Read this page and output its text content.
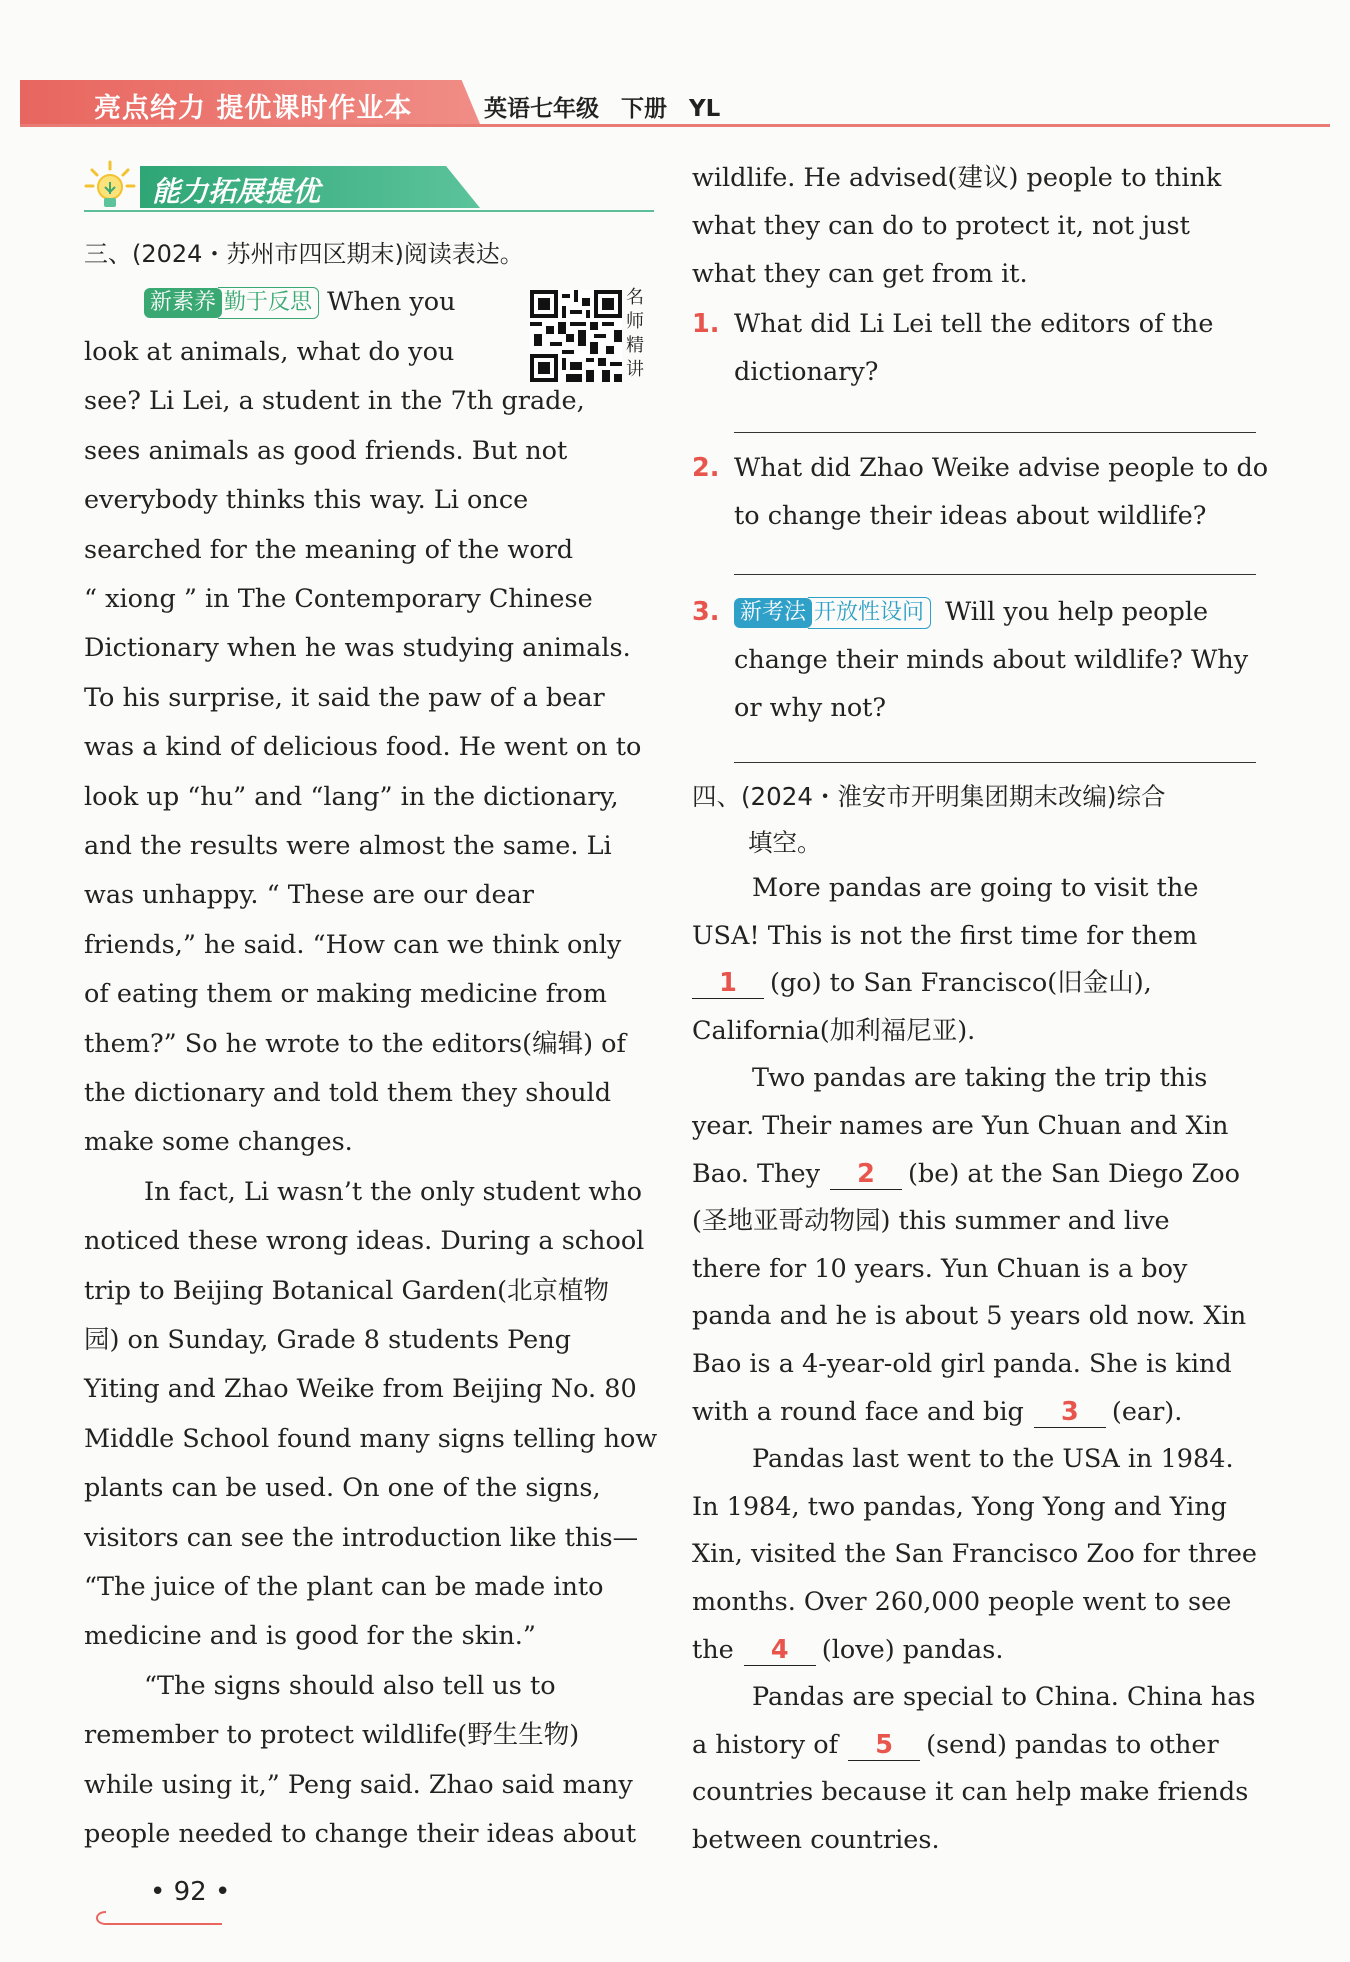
亮点给力 提优课时作业本	英语七年级 下册 YL
能力拓展提优
三、(2024・苏州市四区期末)阅读表达。
新素养 勤于反思 When you	名师精讲
look at animals, what do you
see? Li Lei, a student in the 7th grade,
sees animals as good friends. But not
everybody thinks this way. Li once
searched for the meaning of the word
“ xiong ” in The Contemporary Chinese
Dictionary when he was studying animals.
To his surprise, it said the paw of a bear
was a kind of delicious food. He went on to
look up “hu” and “lang” in the dictionary,
and the results were almost the same. Li
was unhappy. “ These are our dear
friends,” he said. “How can we think only
of eating them or making medicine from
them?” So he wrote to the editors(编辑) of
the dictionary and told them they should
make some changes.
In fact, Li wasn’t the only student who
noticed these wrong ideas. During a school
trip to Beijing Botanical Garden(北京植物
园) on Sunday, Grade 8 students Peng
Yiting and Zhao Weike from Beijing No. 80
Middle School found many signs telling how
plants can be used. On one of the signs,
visitors can see the introduction like this—
“The juice of the plant can be made into
medicine and is good for the skin.”
“The signs should also tell us to
remember to protect wildlife(野生生物)
while using it,” Peng said. Zhao said many
people needed to change their ideas about
wildlife. He advised(建议) people to think
what they can do to protect it, not just
what they can get from it.
1. What did Li Lei tell the editors of the
dictionary?
2. What did Zhao Weike advise people to do
to change their ideas about wildlife?
3. 新考法 开放性设问 Will you help people
change their minds about wildlife? Why
or why not?
四、(2024・淮安市开明集团期末改编)综合
填空。
More pandas are going to visit the
USA! This is not the first time for them
1 (go) to San Francisco(旧金山),
California(加利福尼亚).
Two pandas are taking the trip this
year. Their names are Yun Chuan and Xin
Bao. They 2 (be) at the San Diego Zoo
(圣地亚哥动物园) this summer and live
there for 10 years. Yun Chuan is a boy
panda and he is about 5 years old now. Xin
Bao is a 4-year-old girl panda. She is kind
with a round face and big 3 (ear).
Pandas last went to the USA in 1984.
In 1984, two pandas, Yong Yong and Ying
Xin, visited the San Francisco Zoo for three
months. Over 260,000 people went to see
the 4 (love) pandas.
Pandas are special to China. China has
a history of 5 (send) pandas to other
countries because it can help make friends
between countries.
• 92 •
